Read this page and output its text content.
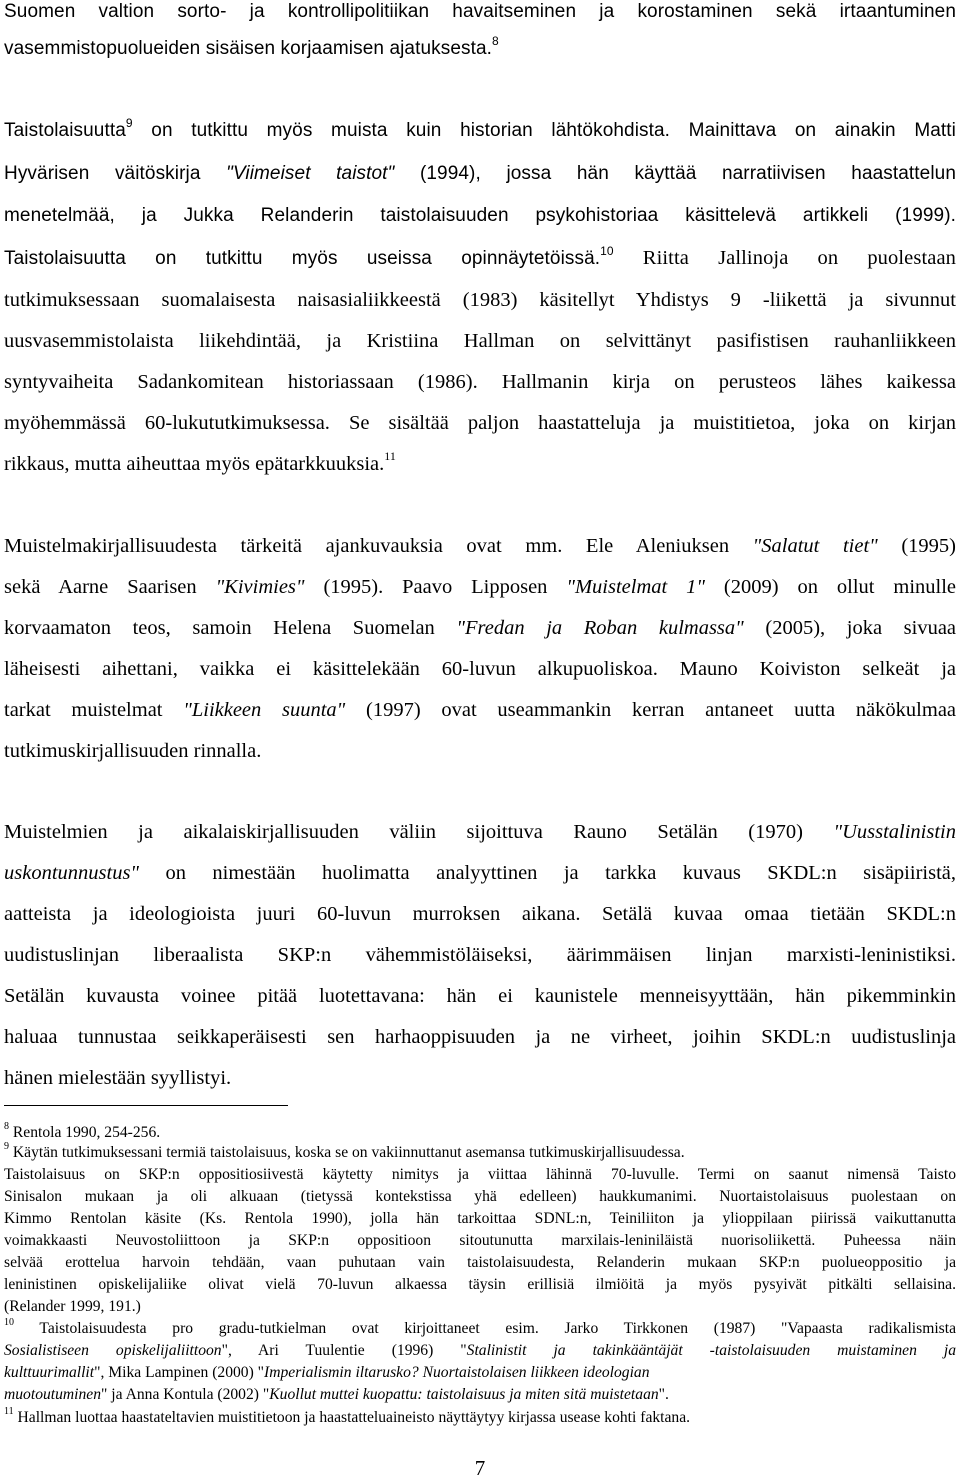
Suomen valtion sorto- ja kontrollipolitiikan havaitseminen ja korostaminen sekä irtaantuminen
vasemmistopuolueiden sisäisen korjaamisen ajatuksesta.$^8$
Taistolaisuutta$^9$ on tutkittu myös muista kuin historian lähtökohdista. Mainittava on ainakin Matti
Hyvärisen väitöskirja "Viimeiset taistot" (1994), jossa hän käyttää narratiivisen haastattelun
menetelmää, ja Jukka Relanderin taistolaisuuden psykohistoriaa käsittelevä artikkeli (1999).
Taistolaisuutta on tutkittu myös useissa opinnäytetöissä.$^{10}$ Riitta Jallinoja on puolestaan
tutkimuksessaan suomalaisesta naisasialiikkeestä (1983) käsitellyt Yhdistys 9 -liikettä ja sivunnut
uusvasemmistolaista liikehdintää, ja Kristiina Hallman on selvittänyt pasifistisen rauhanliikkeen
syntyvaiheita Sadankomitean historiassaan (1986). Hallmanin kirja on perusteos lähes kaikessa
myöhemmässä 60-lukututkimuksessa. Se sisältää paljon haastatteluja ja muistitietoa, joka on kirjan
rikkaus, mutta aiheuttaa myös epätarkkuuksia.$^{11}$
Muistelmakirjallisuudesta tärkeitä ajankuvauksia ovat mm. Ele Aleniuksen "Salatut tiet" (1995)
sekä Aarne Saarisen "Kivimies" (1995). Paavo Lipposen "Muistelmat 1" (2009) on ollut minulle
korvaamaton teos, samoin Helena Suomelan "Fredan ja Roban kulmassa" (2005), joka sivuaa
läheisesti aihettani, vaikka ei käsittelekään 60-luvun alkupuoliskoa. Mauno Koiviston selkeät ja
tarkat muistelmat "Liikkeen suunta" (1997) ovat useammankin kerran antaneet uutta näkökulmaa
tutkimuskirjallisuuden rinnalla.
Muistelmien ja aikalaiskirjallisuuden väliin sijoittuva Rauno Setälän (1970) "Uusstalinistin
uskontunnustus" on nimestään huolimatta analyyttinen ja tarkka kuvaus SKDL:n sisäpiiristä,
aatteista ja ideologioista juuri 60-luvun murroksen aikana. Setälä kuvaa omaa tietään SKDL:n
uudistuslinjan liberaalista SKP:n vähemmistöläiseksi, äärimmäisen linjan marxisti-leninistiksi.
Setälän kuvausta voinee pitää luotettavana: hän ei kaunistele menneisyyttään, hän pikemminkin
haluaa tunnustaa seikkaperäisesti sen harhaoppisuuden ja ne virheet, joihin SKDL:n uudistuslinja
hänen mielestään syyllistyi.
$^8$ Rentola 1990, 254-256.
$^9$ Käytän tutkimuksessani termiä taistolaisuus, koska se on vakiinnuttanut asemansa tutkimuskirjallisuudessa.
Taistolaisuus on SKP:n oppositiosiivestä käytetty nimitys ja viittaa lähinnä 70-luvulle. Termi on saanut nimensä Taisto
Sinisalon mukaan ja oli alkuaan (tietyssä kontekstissa yhä edelleen) haukkumanimi. Nuortaistolaisuus puolestaan on
Kimmo Rentolan käsite (Ks. Rentola 1990), jolla hän tarkoittaa SDNL:n, Teiniliiton ja ylioppilaan piirissä vaikuttanutta
voimakkaasti Neuvostoliittoon ja SKP:n oppositioon sitoutunutta marxilais-leniniläistä nuorisoliikettä. Puheessa näin
selvää erottelua harvoin tehdään, vaan puhutaan vain taistolaisuudesta, Relanderin mukaan SKP:n puolueoppositio ja
leninistinen opiskelijaliike olivat vielä 70-luvun alkaessa täysin erillisiä ilmiöitä ja myös pysyivät pitkälti sellaisina.
(Relander 1999, 191.)
$^{10}$ Taistolaisuudesta pro gradu-tutkielman ovat kirjoittaneet esim. Jarko Tirkkonen (1987) "Vapaasta radikalismista
Sosialistiseen opiskelijaliittoon", Ari Tuulentie (1996) "Stalinistit ja takinkääntäjät -taistolaisuuden muistaminen ja
kulttuurimallit", Mika Lampinen (2000) "Imperialismin iltarusko? Nuortaistolaisen liikkeen ideologian
muotoutuminen" ja Anna Kontula (2002) "Kuollut muttei kuopattu: taistolaisuus ja miten sitä muistetaan".
$^{11}$ Hallman luottaa haastateltavien muistitietoon ja haastatteluaineisto näyttäytyy kirjassa usease kohti faktana.
7
